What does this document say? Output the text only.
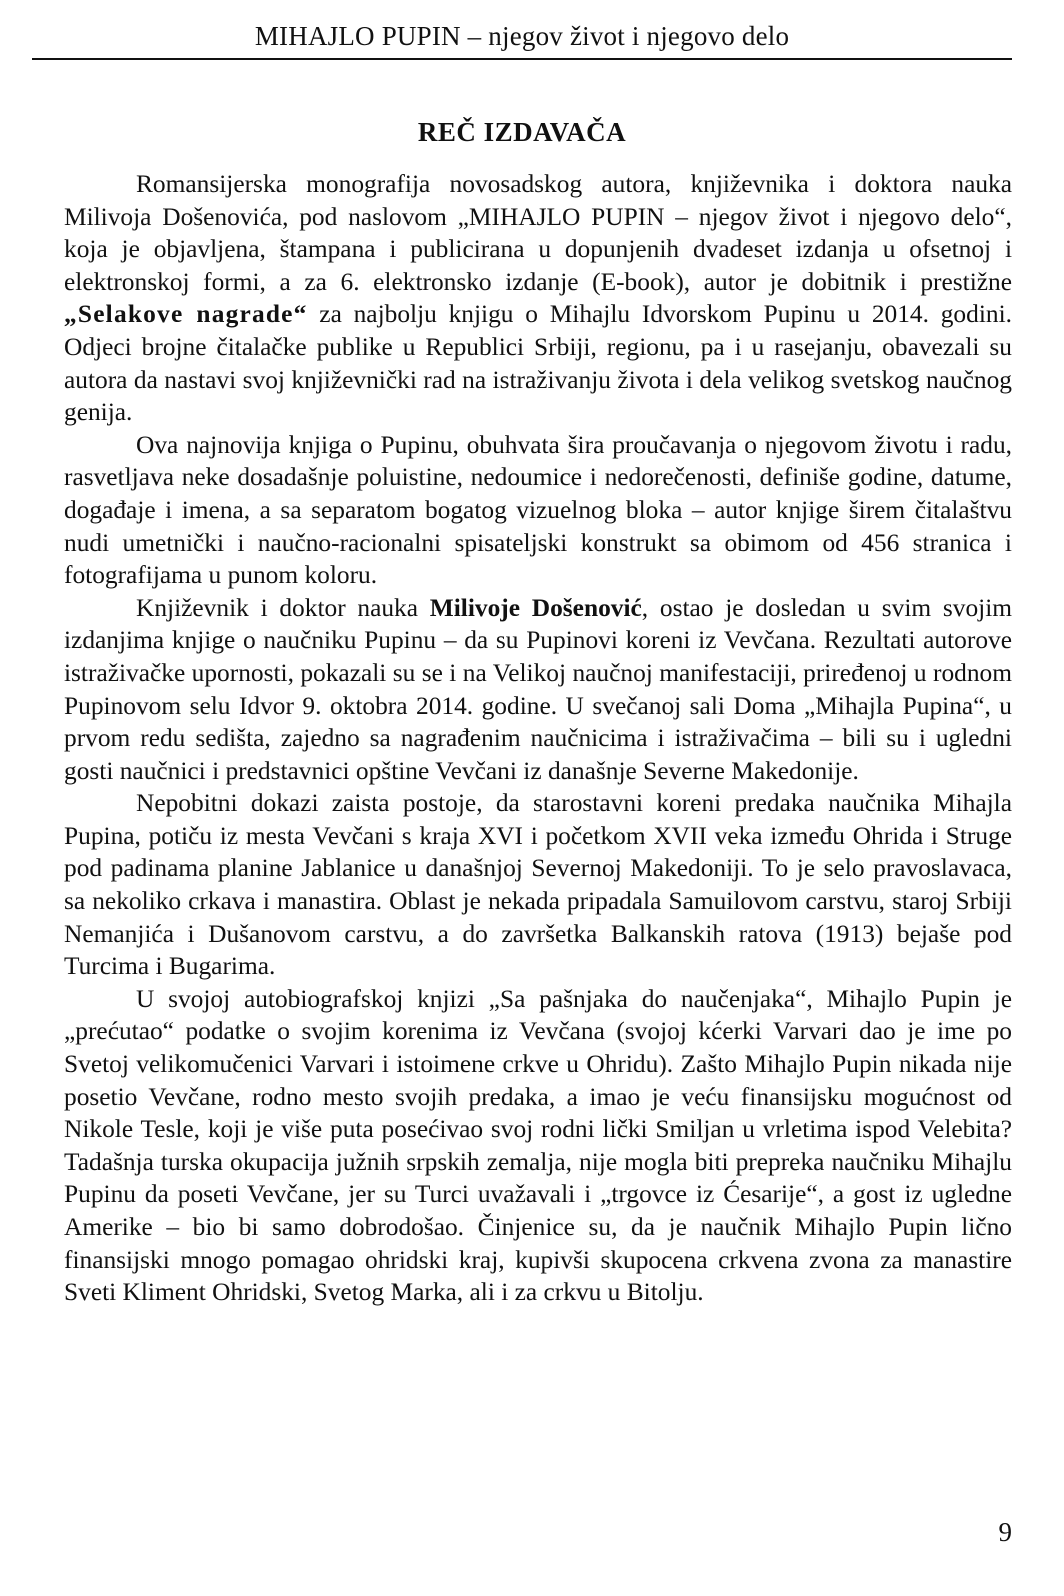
MIHAJLO PUPIN – njegov život i njegovo delo
REČ IZDAVAČA

Romansijerska monografija novosadskog autora, književnika i doktora nauka Milivoja Došenovića, pod naslovom „MIHAJLO PUPIN – njegov život i njegovo delo“, koja je objavljena, štampana i publicirana u dopunjenih dvadeset izdanja u ofsetnoj i elektronskoj formi, a za 6. elektronsko izdanje (E-book), autor je dobitnik i prestižne „Selakove nagrade“ za najbolju knjigu o Mihajlu Idvorskom Pupinu u 2014. godini. Odjeci brojne čitalačke publike u Republici Srbiji, regionu, pa i u rasejanju, obavezali su autora da nastavi svoj književnički rad na istraživanju života i dela velikog svetskog naučnog genija.

Ova najnovija knjiga o Pupinu, obuhvata šira proučavanja o njegovom životu i radu, rasvetljava neke dosadašnje poluistine, nedoumice i nedorečenosti, definiše godine, datume, događaje i imena, a sa separatom bogatog vizuelnog bloka – autor knjige širem čitalaštvu nudi umetnički i naučno-racionalni spisateljski konstrukt sa obimom od 456 stranica i fotografijama u punom koloru.

Književnik i doktor nauka Milivoje Došenović, ostao je dosledan u svim svojim izdanjima knjige o naučniku Pupinu – da su Pupinovi koreni iz Vevčana. Rezultati autorove istraživačke upornosti, pokazali su se i na Velikoj naučnoj manifestaciji, priređenoj u rodnom Pupinovom selu Idvor 9. oktobra 2014. godine. U svečanoj sali Doma „Mihajla Pupina“, u prvom redu sedišta, zajedno sa nagrađenim naučnicima i istraživačima – bili su i ugledni gosti naučnici i predstavnici opštine Vevčani iz današnje Severne Makedonije.

Nepobitni dokazi zaista postoje, da starostavni koreni predaka naučnika Mihajla Pupina, potiču iz mesta Vevčani s kraja XVI i početkom XVII veka između Ohrida i Struge pod padinama planine Jablanice u današnjoj Severnoj Makedoniji. To je selo pravoslavaca, sa nekoliko crkava i manastira. Oblast je nekada pripadala Samuilovom carstvu, staroj Srbiji Nemanjića i Dušanovom carstvu, a do završetka Balkanskih ratova (1913) bejaše pod Turcima i Bugarima.

U svojoj autobiografskoj knjizi „Sa pašnjaka do naučenjaka“, Mihajlo Pupin je „prećutao“ podatke o svojim korenima iz Vevčana (svojoj kćerki Varvari dao je ime po Svetoj velikomučenici Varvari i istoimene crkve u Ohridu). Zašto Mihajlo Pupin nikada nije posetio Vevčane, rodno mesto svojih predaka, a imao je veću finansijsku mogućnost od Nikole Tesle, koji je više puta posećivao svoj rodni lički Smiljan u vrletima ispod Velebita? Tadašnja turska okupacija južnih srpskih zemalja, nije mogla biti prepreka naučniku Mihajlu Pupinu da poseti Vevčane, jer su Turci uvažavali i „trgovce iz Ćesarije“, a gost iz ugledne Amerike – bio bi samo dobrodošao. Činjenice su, da je naučnik Mihajlo Pupin lično finansijski mnogo pomagao ohridski kraj, kupivši skupocena crkvena zvona za manastire Sveti Kliment Ohridski, Svetog Marka, ali i za crkvu u Bitolju.

9
